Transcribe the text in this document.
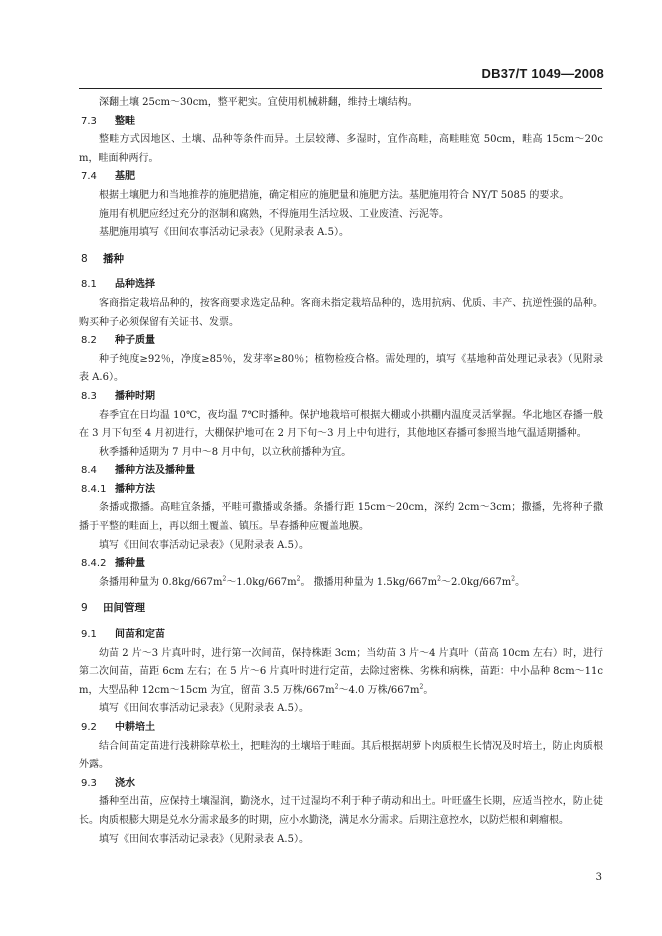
DB37/T 1049—2008

深翻土壤 25cm～30cm，整平耙实。宜使用机械耕翻，维持土壤结构。

7.3 整畦

整畦方式因地区、土壤、品种等条件而异。土层较薄、多湿时，宜作高畦，高畦畦宽 50cm，畦高 15cm～20cm，畦面种两行。

7.4 基肥

根据土壤肥力和当地推荐的施肥措施，确定相应的施肥量和施肥方法。基肥施用符合 NY/T 5085 的要求。

施用有机肥应经过充分的沤制和腐熟，不得施用生活垃圾、工业废渣、污泥等。

基肥施用填写《田间农事活动记录表》（见附录表 A.5）。

8 播种
8.1 品种选择

客商指定栽培品种的，按客商要求选定品种。客商未指定栽培品种的，选用抗病、优质、丰产、抗逆性强的品种。购买种子必须保留有关证书、发票。

8.2 种子质量

种子纯度≥92％，净度≥85％，发芽率≥80％；植物检疫合格。需处理的，填写《基地种苗处理记录表》（见附录表 A.6）。

8.3 播种时期

春季宜在日均温 10℃，夜均温 7℃时播种。保护地栽培可根据大棚或小拱棚内温度灵活掌握。华北地区春播一般在 3 月下旬至 4 月初进行，大棚保护地可在 2 月下旬～3 月上中旬进行，其他地区春播可参照当地气温适期播种。

秋季播种适期为 7 月中～8 月中旬，以立秋前播种为宜。

8.4 播种方法及播种量
8.4.1 播种方法

条播或撒播。高畦宜条播，平畦可撒播或条播。条播行距 15cm～20cm，深约 2cm～3cm；撒播，先将种子撒播于平整的畦面上，再以细土覆盖、镇压。旱春播种应覆盖地膜。

填写《田间农事活动记录表》（见附录表 A.5）。

8.4.2 播种量

条播用种量为 $0.8kg/667m^2\sim 1.0kg/667m^2$。 撒播用种量为 $1.5kg/667m^2\sim 2.0kg/667m^2$。

9 田间管理
9.1 间苗和定苗

幼苗 2 片～3 片真叶时，进行第一次间苗，保持株距 3cm；当幼苗 3 片～4 片真叶（苗高 10cm 左右）时，进行第二次间苗，苗距 6cm 左右；在 5 片～6 片真叶时进行定苗，去除过密株、劣株和病株，苗距：中小品种 8cm～11cm，大型品种 12cm～15cm 为宜，留苗 3.5 万株$/667m^2\sim 4.0$ 万株$/667m^2$。

填写《田间农事活动记录表》（见附录表 A.5）。

9.2 中耕培土

结合间苗定苗进行浅耕除草松土，把畦沟的土壤培于畦面。其后根据胡萝卜肉质根生长情况及时培土，防止肉质根外露。

9.3 浇水

播种至出苗，应保持土壤湿润，勤浇水，过干过湿均不利于种子萌动和出土。叶旺盛生长期，应适当控水，防止徒长。肉质根膨大期是兑水分需求最多的时期，应小水勤浇，满足水分需求。后期注意控水，以防烂根和刺瘤根。

填写《田间农事活动记录表》（见附录表 A.5）。

3
